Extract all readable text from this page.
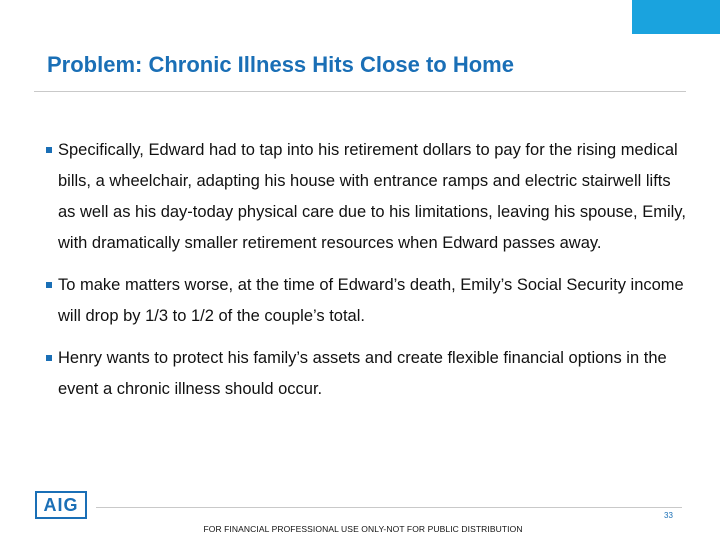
Problem: Chronic Illness Hits Close to Home
Specifically, Edward had to tap into his retirement dollars to pay for the rising medical bills, a wheelchair, adapting his house with entrance ramps and electric stairwell lifts as well as his day-today physical care due to his limitations, leaving his spouse, Emily, with dramatically smaller retirement resources when Edward passes away.
To make matters worse, at the time of Edward’s death, Emily’s Social Security income will drop by 1/3 to 1/2 of the couple’s total.
Henry wants to protect his family’s assets and create flexible financial options in the event a chronic illness should occur.
AIG
33
FOR FINANCIAL PROFESSIONAL USE ONLY-NOT FOR PUBLIC DISTRIBUTION
